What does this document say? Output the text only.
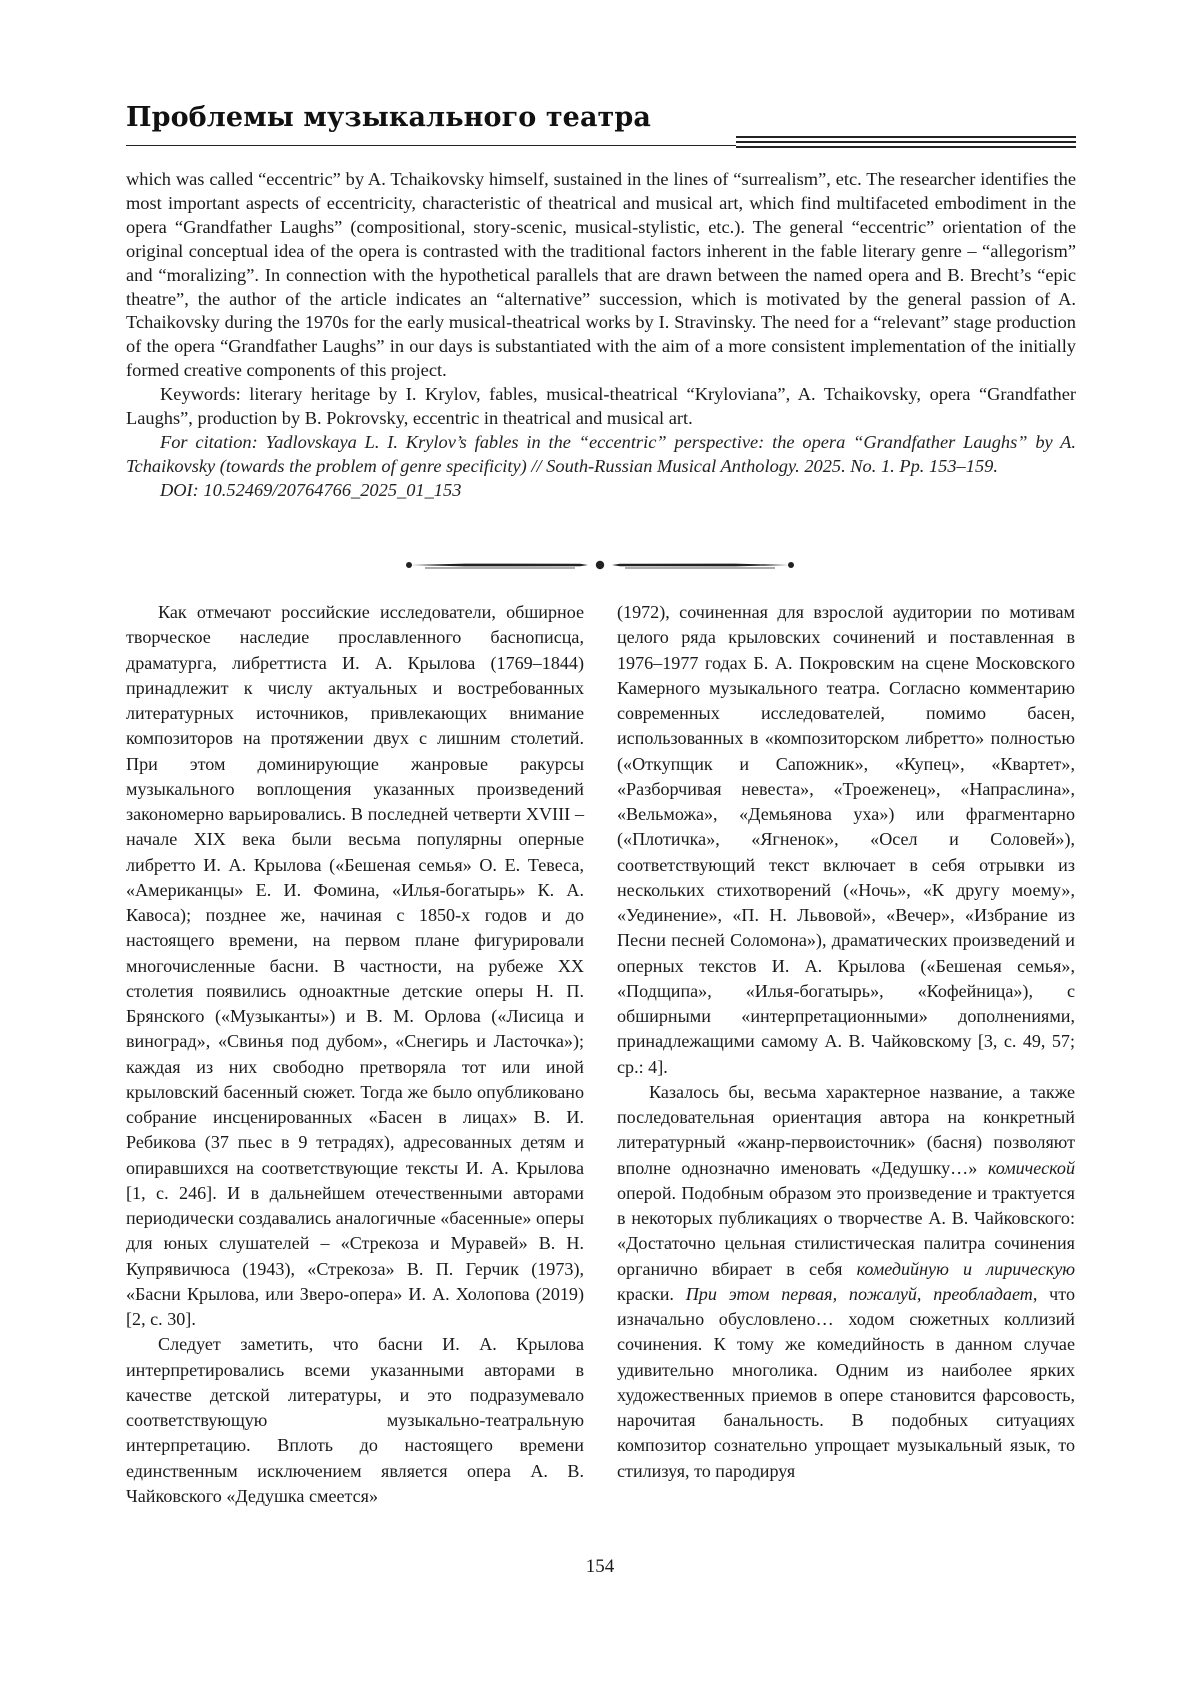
Проблемы музыкального театра

which was called “eccentric” by A. Tchaikovsky himself, sustained in the lines of “surrealism”, etc. The researcher identifies the most important aspects of eccentricity, characteristic of theatrical and musical art, which find multifaceted embodiment in the opera “Grandfather Laughs” (compositional, story-scenic, musical-stylistic, etc.). The general “eccentric” orientation of the original conceptual idea of the opera is contrasted with the traditional factors inherent in the fable literary genre – “allegorism” and “moralizing”. In connection with the hypothetical parallels that are drawn between the named opera and B. Brecht’s “epic theatre”, the author of the article indicates an “alternative” succession, which is motivated by the general passion of A. Tchaikovsky during the 1970s for the early musical-theatrical works by I. Stravinsky. The need for a “relevant” stage production of the opera “Grandfather Laughs” in our days is substantiated with the aim of a more consistent implementation of the initially formed creative components of this project.

Keywords: literary heritage by I. Krylov, fables, musical-theatrical “Kryloviana”, A. Tchaikovsky, opera “Grandfather Laughs”, production by B. Pokrovsky, eccentric in theatrical and musical art.

For citation: Yadlovskaya L. I. Krylov’s fables in the “eccentric” perspective: the opera “Grandfather Laughs” by A. Tchaikovsky (towards the problem of genre specificity) // South-Russian Musical Anthology. 2025. No. 1. Pp. 153–159.

DOI: 10.52469/20764766_2025_01_153

Как отмечают российские исследователи, обширное творческое наследие прославленного баснописца, драматурга, либреттиста И. А. Крылова (1769–1844) принадлежит к числу актуальных и востребованных литературных источников, привлекающих внимание композиторов на протяжении двух с лишним столетий. При этом доминирующие жанровые ракурсы музыкального воплощения указанных произведений закономерно варьировались. В последней четверти XVIII – начале XIX века были весьма популярны оперные либретто И. А. Крылова («Бешеная семья» О. Е. Тевеса, «Американцы» Е. И. Фомина, «Илья-богатырь» К. А. Кавоса); позднее же, начиная с 1850-х годов и до настоящего времени, на первом плане фигурировали многочисленные басни. В частности, на рубеже XX столетия появились одноактные детские оперы Н. П. Брянского («Музыканты») и В. М. Орлова («Лисица и виноград», «Свинья под дубом», «Снегирь и Ласточка»); каждая из них свободно претворяла тот или иной крыловский басенный сюжет. Тогда же было опубликовано собрание инсценированных «Басен в лицах» В. И. Ребикова (37 пьес в 9 тетрадях), адресованных детям и опиравшихся на соответствующие тексты И. А. Крылова [1, с. 246]. И в дальнейшем отечественными авторами периодически создавались аналогичные «басенные» оперы для юных слушателей – «Стрекоза и Муравей» В. Н. Купрявичюса (1943), «Стрекоза» В. П. Герчик (1973), «Басни Крылова, или Зверо-опера» И. А. Холопова (2019) [2, с. 30].

Следует заметить, что басни И. А. Крылова интерпретировались всеми указанными авторами в качестве детской литературы, и это подразумевало соответствующую музыкально-театральную интерпретацию. Вплоть до настоящего времени единственным исключением является опера А. В. Чайковского «Дедушка смеется»

(1972), сочиненная для взрослой аудитории по мотивам целого ряда крыловских сочинений и поставленная в 1976–1977 годах Б. А. Покровским на сцене Московского Камерного музыкального театра. Согласно комментарию современных исследователей, помимо басен, использованных в «композиторском либретто» полностью («Откупщик и Сапожник», «Купец», «Квартет», «Разборчивая невеста», «Троеженец», «Напраслина», «Вельможа», «Демьянова уха») или фрагментарно («Плотичка», «Ягненок», «Осел и Соловей»), соответствующий текст включает в себя отрывки из нескольких стихотворений («Ночь», «К другу моему», «Уединение», «П. Н. Львовой», «Вечер», «Избрание из Песни песней Соломона»), драматических произведений и оперных текстов И. А. Крылова («Бешеная семья», «Подщипа», «Илья-богатырь», «Кофейница»), с обширными «интерпретационными» дополнениями, принадлежащими самому А. В. Чайковскому [3, с. 49, 57; ср.: 4].

Казалось бы, весьма характерное название, а также последовательная ориентация автора на конкретный литературный «жанр-первоисточник» (басня) позволяют вполне однозначно именовать «Дедушку…» комической оперой. Подобным образом это произведение и трактуется в некоторых публикациях о творчестве А. В. Чайковского: «Достаточно цельная стилистическая палитра сочинения органично вбирает в себя комедийную и лирическую краски. При этом первая, пожалуй, преобладает, что изначально обусловлено… ходом сюжетных коллизий сочинения. К тому же комедийность в данном случае удивительно многолика. Одним из наиболее ярких художественных приемов в опере становится фарсовость, нарочитая банальность. В подобных ситуациях композитор сознательно упрощает музыкальный язык, то стилизуя, то пародируя

154
